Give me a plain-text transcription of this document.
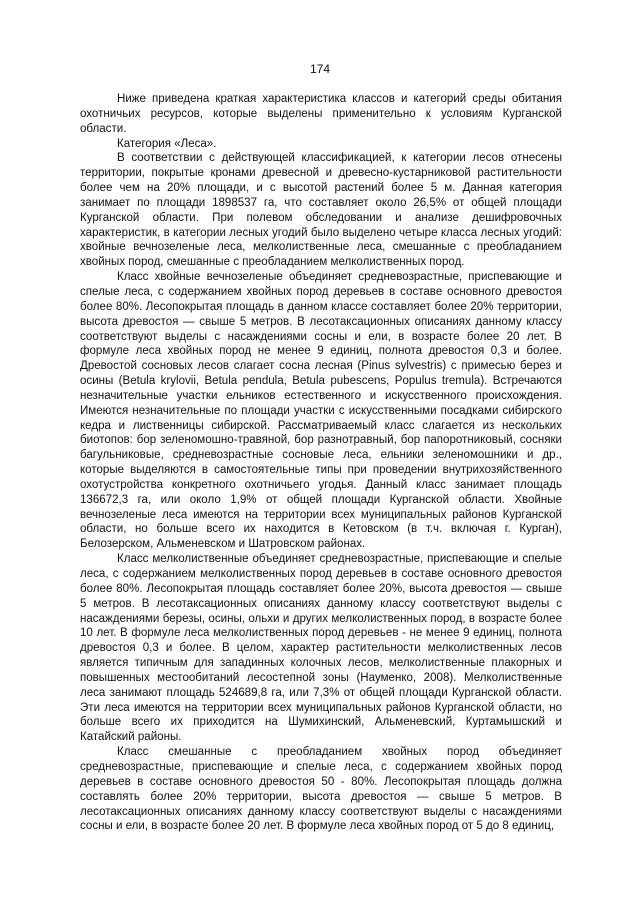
174

Ниже приведена краткая характеристика классов и категорий среды обитания охотничьих ресурсов, которые выделены применительно к условиям Курганской области.

Категория «Леса».

В соответствии с действующей классификацией, к категории лесов отнесены территории, покрытые кронами древесной и древесно-кустарниковой растительности более чем на 20% площади, и с высотой растений более 5 м. Данная категория занимает по площади 1898537 га, что составляет около 26,5% от общей площади Курганской области. При полевом обследовании и анализе дешифровочных характеристик, в категории лесных угодий было выделено четыре класса лесных угодий: хвойные вечнозеленые леса, мелколиственные леса, смешанные с преобладанием хвойных пород, смешанные с преобладанием мелколиственных пород.

Класс хвойные вечнозеленые объединяет средневозрастные, приспевающие и спелые леса, с содержанием хвойных пород деревьев в составе основного древостоя более 80%. Лесопокрытая площадь в данном классе составляет более 20% территории, высота древостоя — свыше 5 метров. В лесотаксационных описаниях данному классу соответствуют выделы с насаждениями сосны и ели, в возрасте более 20 лет. В формуле леса хвойных пород не менее 9 единиц, полнота древостоя 0,3 и более. Древостой сосновых лесов слагает сосна лесная (Pinus sylvestris) с примесью берез и осины (Betula krylovii, Betula pendula, Betula pubescens, Populus tremula). Встречаются незначительные участки ельников естественного и искусственного происхождения. Имеются незначительные по площади участки с искусственными посадками сибирского кедра и лиственницы сибирской. Рассматриваемый класс слагается из нескольких биотопов: бор зеленомошно-травяной, бор разнотравный, бор папоротниковый, сосняки багульниковые, средневозрастные сосновые леса, ельники зеленомошники и др., которые выделяются в самостоятельные типы при проведении внутрихозяйственного охотустройства конкретного охотничьего угодья. Данный класс занимает площадь 136672,3 га, или около 1,9% от общей площади Курганской области. Хвойные вечнозеленые леса имеются на территории всех муниципальных районов Курганской области, но больше всего их находится в Кетовском (в т.ч. включая г. Курган), Белозерском, Альменевском и Шатровском районах.

Класс мелколиственные объединяет средневозрастные, приспевающие и спелые леса, с содержанием мелколиственных пород деревьев в составе основного древостоя более 80%. Лесопокрытая площадь составляет более 20%, высота древостоя — свыше 5 метров. В лесотаксационных описаниях данному классу соответствуют выделы с насаждениями березы, осины, ольхи и других мелколиственных пород, в возрасте более 10 лет. В формуле леса мелколиственных пород деревьев - не менее 9 единиц, полнота древостоя 0,3 и более. В целом, характер растительности мелколиственных лесов является типичным для западинных колочных лесов, мелколиственные плакорных и повышенных местообитаний лесостепной зоны (Науменко, 2008). Мелколиственные леса занимают площадь 524689,8 га, или 7,3% от общей площади Курганской области. Эти леса имеются на территории всех муниципальных районов Курганской области, но больше всего их приходится на Шумихинский, Альменевский, Куртамышский и Катайский районы.

Класс смешанные с преобладанием хвойных пород объединяет средневозрастные, приспевающие и спелые леса, с содержанием хвойных пород деревьев в составе основного древостоя 50 - 80%. Лесопокрытая площадь должна составлять более 20% территории, высота древостоя — свыше 5 метров. В лесотаксационных описаниях данному классу соответствуют выделы с насаждениями сосны и ели, в возрасте более 20 лет. В формуле леса хвойных пород от 5 до 8 единиц,
